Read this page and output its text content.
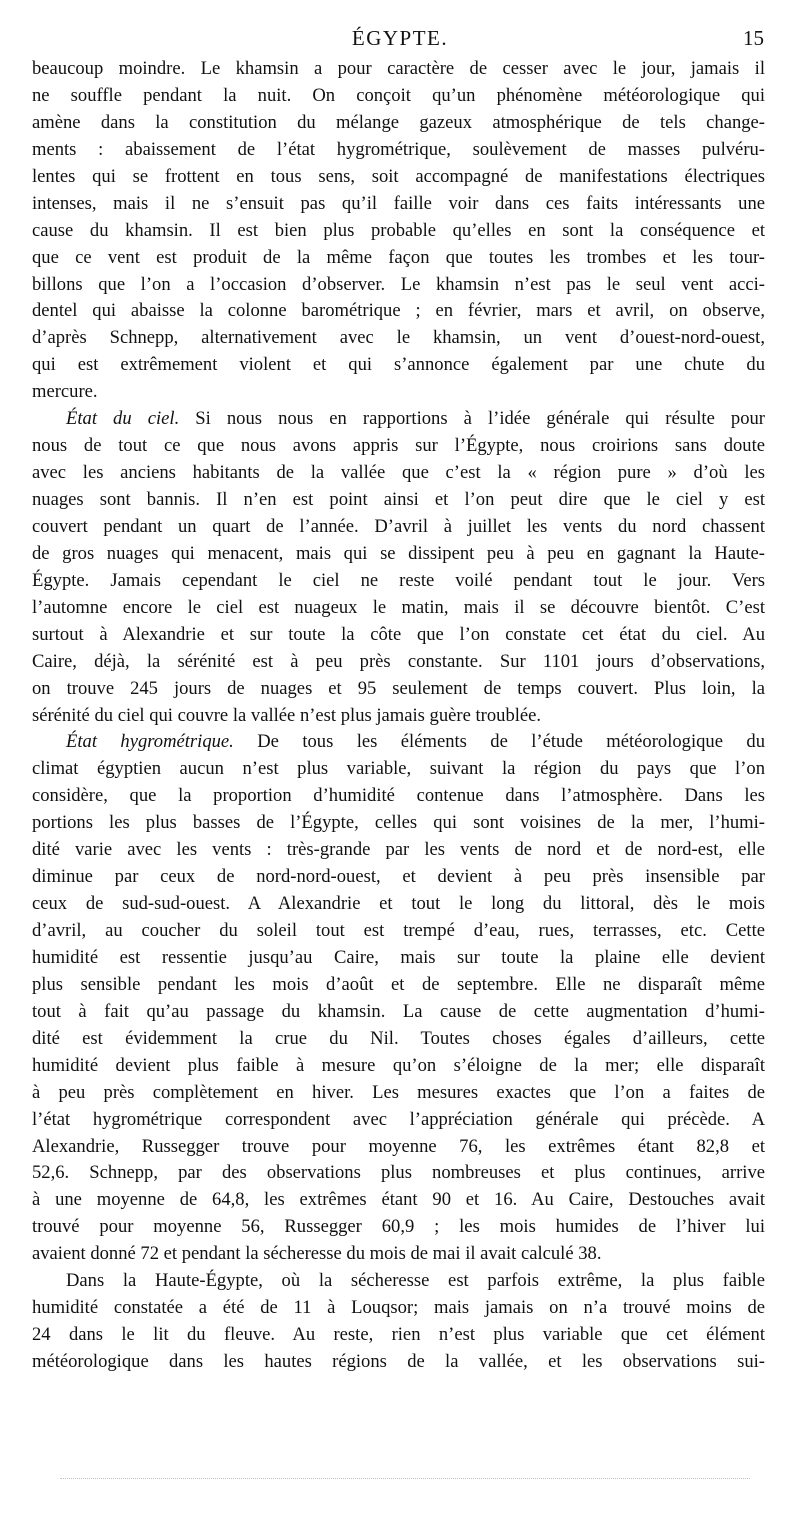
ÉGYPTE.	15
beaucoup moindre. Le khamsin a pour caractère de cesser avec le jour, jamais il
ne souffle pendant la nuit. On conçoit qu’un phénomène météorologique qui
amène dans la constitution du mélange gazeux atmosphérique de tels change-
ments : abaissement de l’état hygrométrique, soulèvement de masses pulvéru-
lentes qui se frottent en tous sens, soit accompagné de manifestations électriques
intenses, mais il ne s’ensuit pas qu’il faille voir dans ces faits intéressants une
cause du khamsin. Il est bien plus probable qu’elles en sont la conséquence et
que ce vent est produit de la même façon que toutes les trombes et les tour-
billons que l’on a l’occasion d’observer. Le khamsin n’est pas le seul vent acci-
dentel qui abaisse la colonne barométrique ; en février, mars et avril, on observe,
d’après Schnepp, alternativement avec le khamsin, un vent d’ouest-nord-ouest,
qui est extrêmement violent et qui s’annonce également par une chute du
mercure.
État du ciel. Si nous nous en rapportions à l’idée générale qui résulte pour
nous de tout ce que nous avons appris sur l’Égypte, nous croirions sans doute
avec les anciens habitants de la vallée que c’est la « région pure » d’où les
nuages sont bannis. Il n’en est point ainsi et l’on peut dire que le ciel y est
couvert pendant un quart de l’année. D’avril à juillet les vents du nord chassent
de gros nuages qui menacent, mais qui se dissipent peu à peu en gagnant la Haute-
Égypte. Jamais cependant le ciel ne reste voilé pendant tout le jour. Vers
l’automne encore le ciel est nuageux le matin, mais il se découvre bientôt. C’est
surtout à Alexandrie et sur toute la côte que l’on constate cet état du ciel. Au
Caire, déjà, la sérénité est à peu près constante. Sur 1101 jours d’observations,
on trouve 245 jours de nuages et 95 seulement de temps couvert. Plus loin, la
sérénité du ciel qui couvre la vallée n’est plus jamais guère troublée.
État hygrométrique. De tous les éléments de l’étude météorologique du
climat égyptien aucun n’est plus variable, suivant la région du pays que l’on
considère, que la proportion d’humidité contenue dans l’atmosphère. Dans les
portions les plus basses de l’Égypte, celles qui sont voisines de la mer, l’humi-
dité varie avec les vents : très-grande par les vents de nord et de nord-est, elle
diminue par ceux de nord-nord-ouest, et devient à peu près insensible par
ceux de sud-sud-ouest. A Alexandrie et tout le long du littoral, dès le mois
d’avril, au coucher du soleil tout est trempé d’eau, rues, terrasses, etc. Cette
humidité est ressentie jusqu’au Caire, mais sur toute la plaine elle devient
plus sensible pendant les mois d’août et de septembre. Elle ne disparaît même
tout à fait qu’au passage du khamsin. La cause de cette augmentation d’humi-
dité est évidemment la crue du Nil. Toutes choses égales d’ailleurs, cette
humidité devient plus faible à mesure qu’on s’éloigne de la mer; elle disparaît
à peu près complètement en hiver. Les mesures exactes que l’on a faites de
l’état hygrométrique correspondent avec l’appréciation générale qui précède. A
Alexandrie, Russegger trouve pour moyenne 76, les extrêmes étant 82,8 et
52,6. Schnepp, par des observations plus nombreuses et plus continues, arrive
à une moyenne de 64,8, les extrêmes étant 90 et 16. Au Caire, Destouches avait
trouvé pour moyenne 56, Russegger 60,9 ; les mois humides de l’hiver lui
avaient donné 72 et pendant la sécheresse du mois de mai il avait calculé 38.
Dans la Haute-Égypte, où la sécheresse est parfois extrême, la plus faible
humidité constatée a été de 11 à Louqsor; mais jamais on n’a trouvé moins de
24 dans le lit du fleuve. Au reste, rien n’est plus variable que cet élément
météorologique dans les hautes régions de la vallée, et les observations sui-
